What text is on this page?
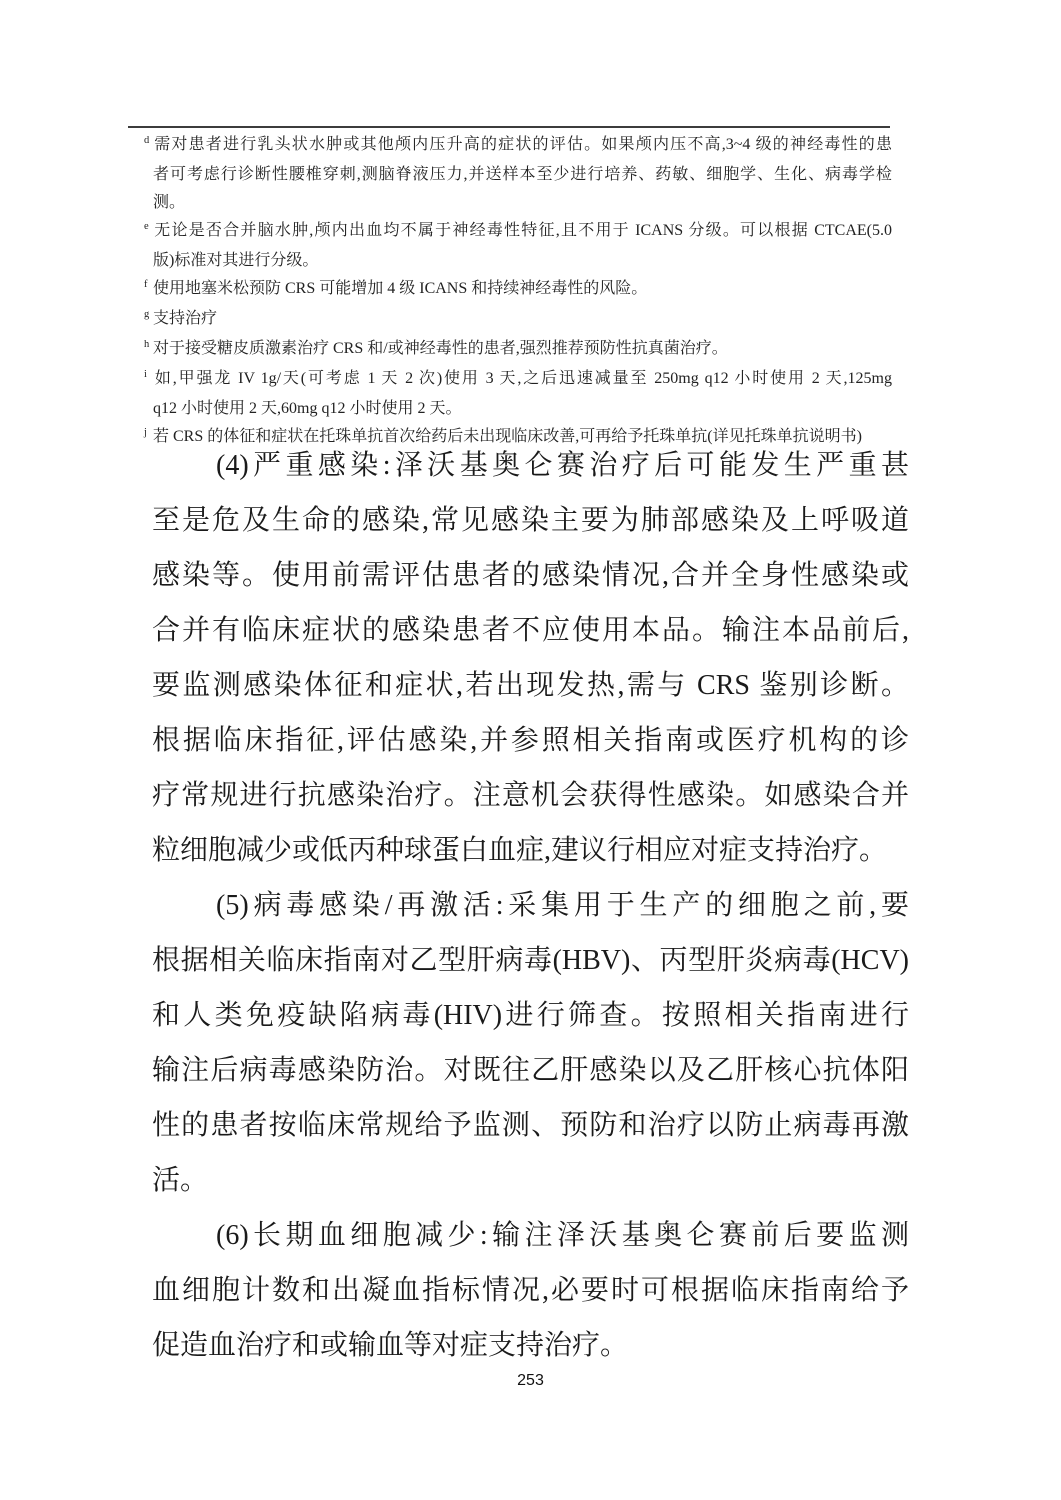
d 需对患者进行乳头状水肿或其他颅内压升高的症状的评估。如果颅内压不高,3~4 级的神经毒性的患
者可考虑行诊断性腰椎穿刺,测脑脊液压力,并送样本至少进行培养、药敏、细胞学、生化、病毒学检
测。
e 无论是否合并脑水肿,颅内出血均不属于神经毒性特征,且不用于 ICANS 分级。可以根据 CTCAE(5.0
版)标准对其进行分级。
f 使用地塞米松预防 CRS 可能增加 4 级 ICANS 和持续神经毒性的风险。
g 支持治疗
h 对于接受糖皮质激素治疗 CRS 和/或神经毒性的患者,强烈推荐预防性抗真菌治疗。
i 如,甲强龙 IV 1g/天(可考虑 1 天 2 次)使用 3 天,之后迅速减量至 250mg q12 小时使用 2 天,125mg
q12 小时使用 2 天,60mg q12 小时使用 2 天。
j 若 CRS 的体征和症状在托珠单抗首次给药后未出现临床改善,可再给予托珠单抗(详见托珠单抗说明书)
(4)严重感染:泽沃基奥仑赛治疗后可能发生严重甚
至是危及生命的感染,常见感染主要为肺部感染及上呼吸道
感染等。使用前需评估患者的感染情况,合并全身性感染或
合并有临床症状的感染患者不应使用本品。输注本品前后,
要监测感染体征和症状,若出现发热,需与 CRS 鉴别诊断。
根据临床指征,评估感染,并参照相关指南或医疗机构的诊
疗常规进行抗感染治疗。注意机会获得性感染。如感染合并
粒细胞减少或低丙种球蛋白血症,建议行相应对症支持治疗。
(5)病毒感染/再激活:采集用于生产的细胞之前,要
根据相关临床指南对乙型肝病毒(HBV)、丙型肝炎病毒(HCV)
和人类免疫缺陷病毒(HIV)进行筛查。按照相关指南进行
输注后病毒感染防治。对既往乙肝感染以及乙肝核心抗体阳
性的患者按临床常规给予监测、预防和治疗以防止病毒再激
活。
(6)长期血细胞减少:输注泽沃基奥仑赛前后要监测
血细胞计数和出凝血指标情况,必要时可根据临床指南给予
促造血治疗和或输血等对症支持治疗。
253
